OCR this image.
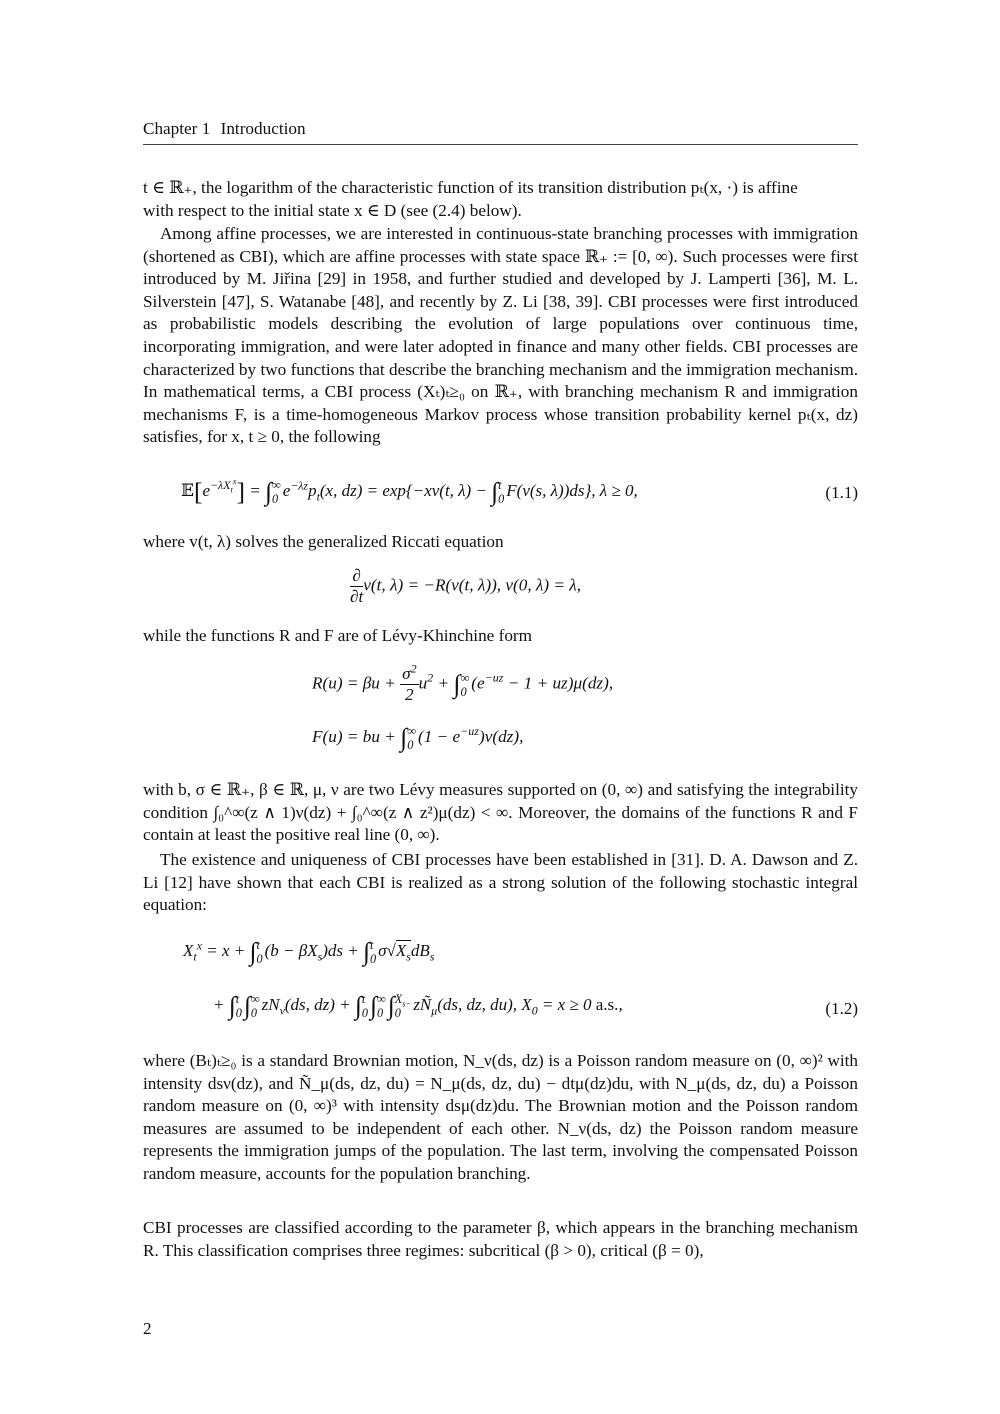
Chapter 1 Introduction

t ∈ ℝ₊, the logarithm of the characteristic function of its transition distribution pₜ(x, ·) is affine

with respect to the initial state x ∈ D (see (2.4) below).

Among affine processes, we are interested in continuous-state branching processes with immigration (shortened as CBI), which are affine processes with state space ℝ₊ := [0, ∞). Such processes were first introduced by M. Jiřina [29] in 1958, and further studied and developed by J. Lamperti [36], M. L. Silverstein [47], S. Watanabe [48], and recently by Z. Li [38, 39]. CBI processes were first introduced as probabilistic models describing the evolution of large populations over continuous time, incorporating immigration, and were later adopted in finance and many other fields. CBI processes are characterized by two functions that describe the branching mechanism and the immigration mechanism. In mathematical terms, a CBI process (Xₜ)ₜ≥₀ on ℝ₊, with branching mechanism R and immigration mechanisms F, is a time-homogeneous Markov process whose transition probability kernel pₜ(x, dz) satisfies, for x, t ≥ 0, the following

$𝔼[e^{-\lambda X_t^x}]$ = ∫ ∞
0 $e^{-\lambda z}p_t(x$, dz) = exp{−xv(t, λ) − ∫ t
0 F(v(s, λ))ds}, λ ≥ 0,	(1.1)

where v(t, λ) solves the generalized Riccati equation

$\frac{\partial}{\partial t} v(t$, λ) = −R(v(t, λ)), v(0, λ) = λ,

while the functions R and F are of Lévy-Khinchine form

$R(u) = \beta u + \frac{\sigma^2}{2} u^2$ + ∫ ∞
0 $(e^{-uz} - 1 + uz)\mu(dz)$,
F(u) = bu + ∫ ∞
0 $(1 - e^{-uz})\nu(dz)$,

with b, σ ∈ ℝ₊, β ∈ ℝ, μ, ν are two Lévy measures supported on (0, ∞) and satisfying the integrability condition ∫₀^∞(z ∧ 1)ν(dz) + ∫₀^∞(z ∧ z²)μ(dz) < ∞. Moreover, the domains of the functions R and F contain at least the positive real line (0, ∞).

The existence and uniqueness of CBI processes have been established in [31]. D. A. Dawson and Z. Li [12] have shown that each CBI is realized as a strong solution of the following stochastic integral equation:

$X_t^x = x$ + ∫ t
0 $(b - \beta X_s)ds$ + ∫ t
0 $\sigma√X_sdB_s$
+ ∫ t
0 ∫ ∞
0 $zN_\nu(ds$, dz) + ∫ t
0 ∫ ∞
0 ∫ $X_{s-}$
0 $zÑ_\mu(ds$, dz, du), $X_0 = x \ge 0$ a.s.,	(1.2)

where (Bₜ)ₜ≥₀ is a standard Brownian motion, N_ν(ds, dz) is a Poisson random measure on (0, ∞)² with intensity dsν(dz), and Ñ_μ(ds, dz, du) = N_μ(ds, dz, du) − dtμ(dz)du, with N_μ(ds, dz, du) a Poisson random measure on (0, ∞)³ with intensity dsμ(dz)du. The Brownian motion and the Poisson random measures are assumed to be independent of each other. N_ν(ds, dz) the Poisson random measure represents the immigration jumps of the population. The last term, involving the compensated Poisson random measure, accounts for the population branching.

CBI processes are classified according to the parameter β, which appears in the branching mechanism R. This classification comprises three regimes: subcritical (β > 0), critical (β = 0),

2
